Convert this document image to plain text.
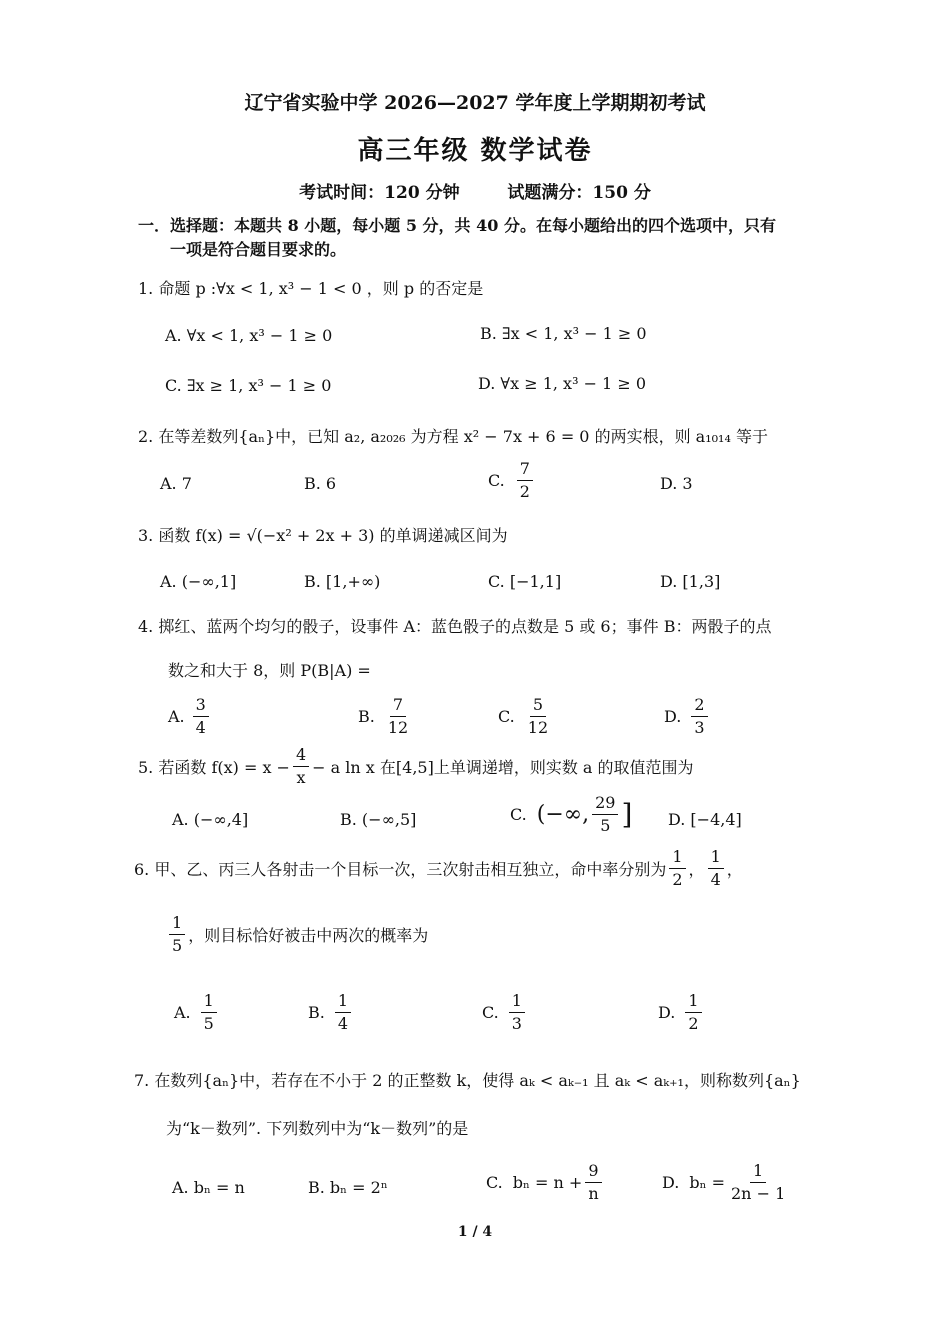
辽宁省实验中学 2026—2027 学年度上学期期初考试
高三年级 数学试卷
考试时间：120 分钟	试题满分：150 分
一．选择题：本题共 8 小题，每小题 5 分，共 40 分。在每小题给出的四个选项中，只有
一项是符合题目要求的。
1. 命题 p :∀x < 1, x³ − 1 < 0 ，则 p 的否定是
A. ∀x < 1, x³ − 1 ≥ 0	B. ∃x < 1, x³ − 1 ≥ 0
C. ∃x ≥ 1, x³ − 1 ≥ 0	D. ∀x ≥ 1, x³ − 1 ≥ 0
2. 在等差数列{aₙ}中，已知 a₂, a₂₀₂₆ 为方程 x² − 7x + 6 = 0 的两实根，则 a₁₀₁₄ 等于
A. 7	B. 6	C. $\frac{7}{2}$	D. 3
3. 函数 f(x) = √(−x² + 2x + 3) 的单调递减区间为
A. (−∞,1]	B. [1,+∞)	C. [−1,1]	D. [1,3]
4. 掷红、蓝两个均匀的骰子，设事件 A：蓝色骰子的点数是 5 或 6；事件 B：两骰子的点
数之和大于 8，则 P(B|A) =
A. $\frac{3}{4}$	B. $\frac{7}{12}$	C. $\frac{5}{12}$	D. $\frac{2}{3}$
5. 若函数 $f(x) = x - \frac{4}{x} - a$ ln x 在[4,5]上单调递增，则实数 a 的取值范围为
A. (−∞,4]	B. (−∞,5]	C. (−∞, $\frac{29}{5}$ ] D. [−4,4]
6. 甲、乙、丙三人各射击一个目标一次，三次射击相互独立，命中率分别为 $\frac{1}{2}$ ， $\frac{1}{4}$ ，
$\frac{1}{5}$ ，则目标恰好被击中两次的概率为
A. $\frac{1}{5}$	B. $\frac{1}{4}$	C. $\frac{1}{3}$	D. $\frac{1}{2}$
7. 在数列{aₙ}中，若存在不小于 2 的正整数 k，使得 aₖ < aₖ₋₁ 且 aₖ < aₖ₊₁，则称数列{aₙ}
为“k－数列”. 下列数列中为“k－数列”的是
A. bₙ = n	B. bₙ = 2ⁿ	C. $b_n = n + \frac{9}{n}$	D. $b_n = \frac{1}{2n - 1}$
1 / 4
